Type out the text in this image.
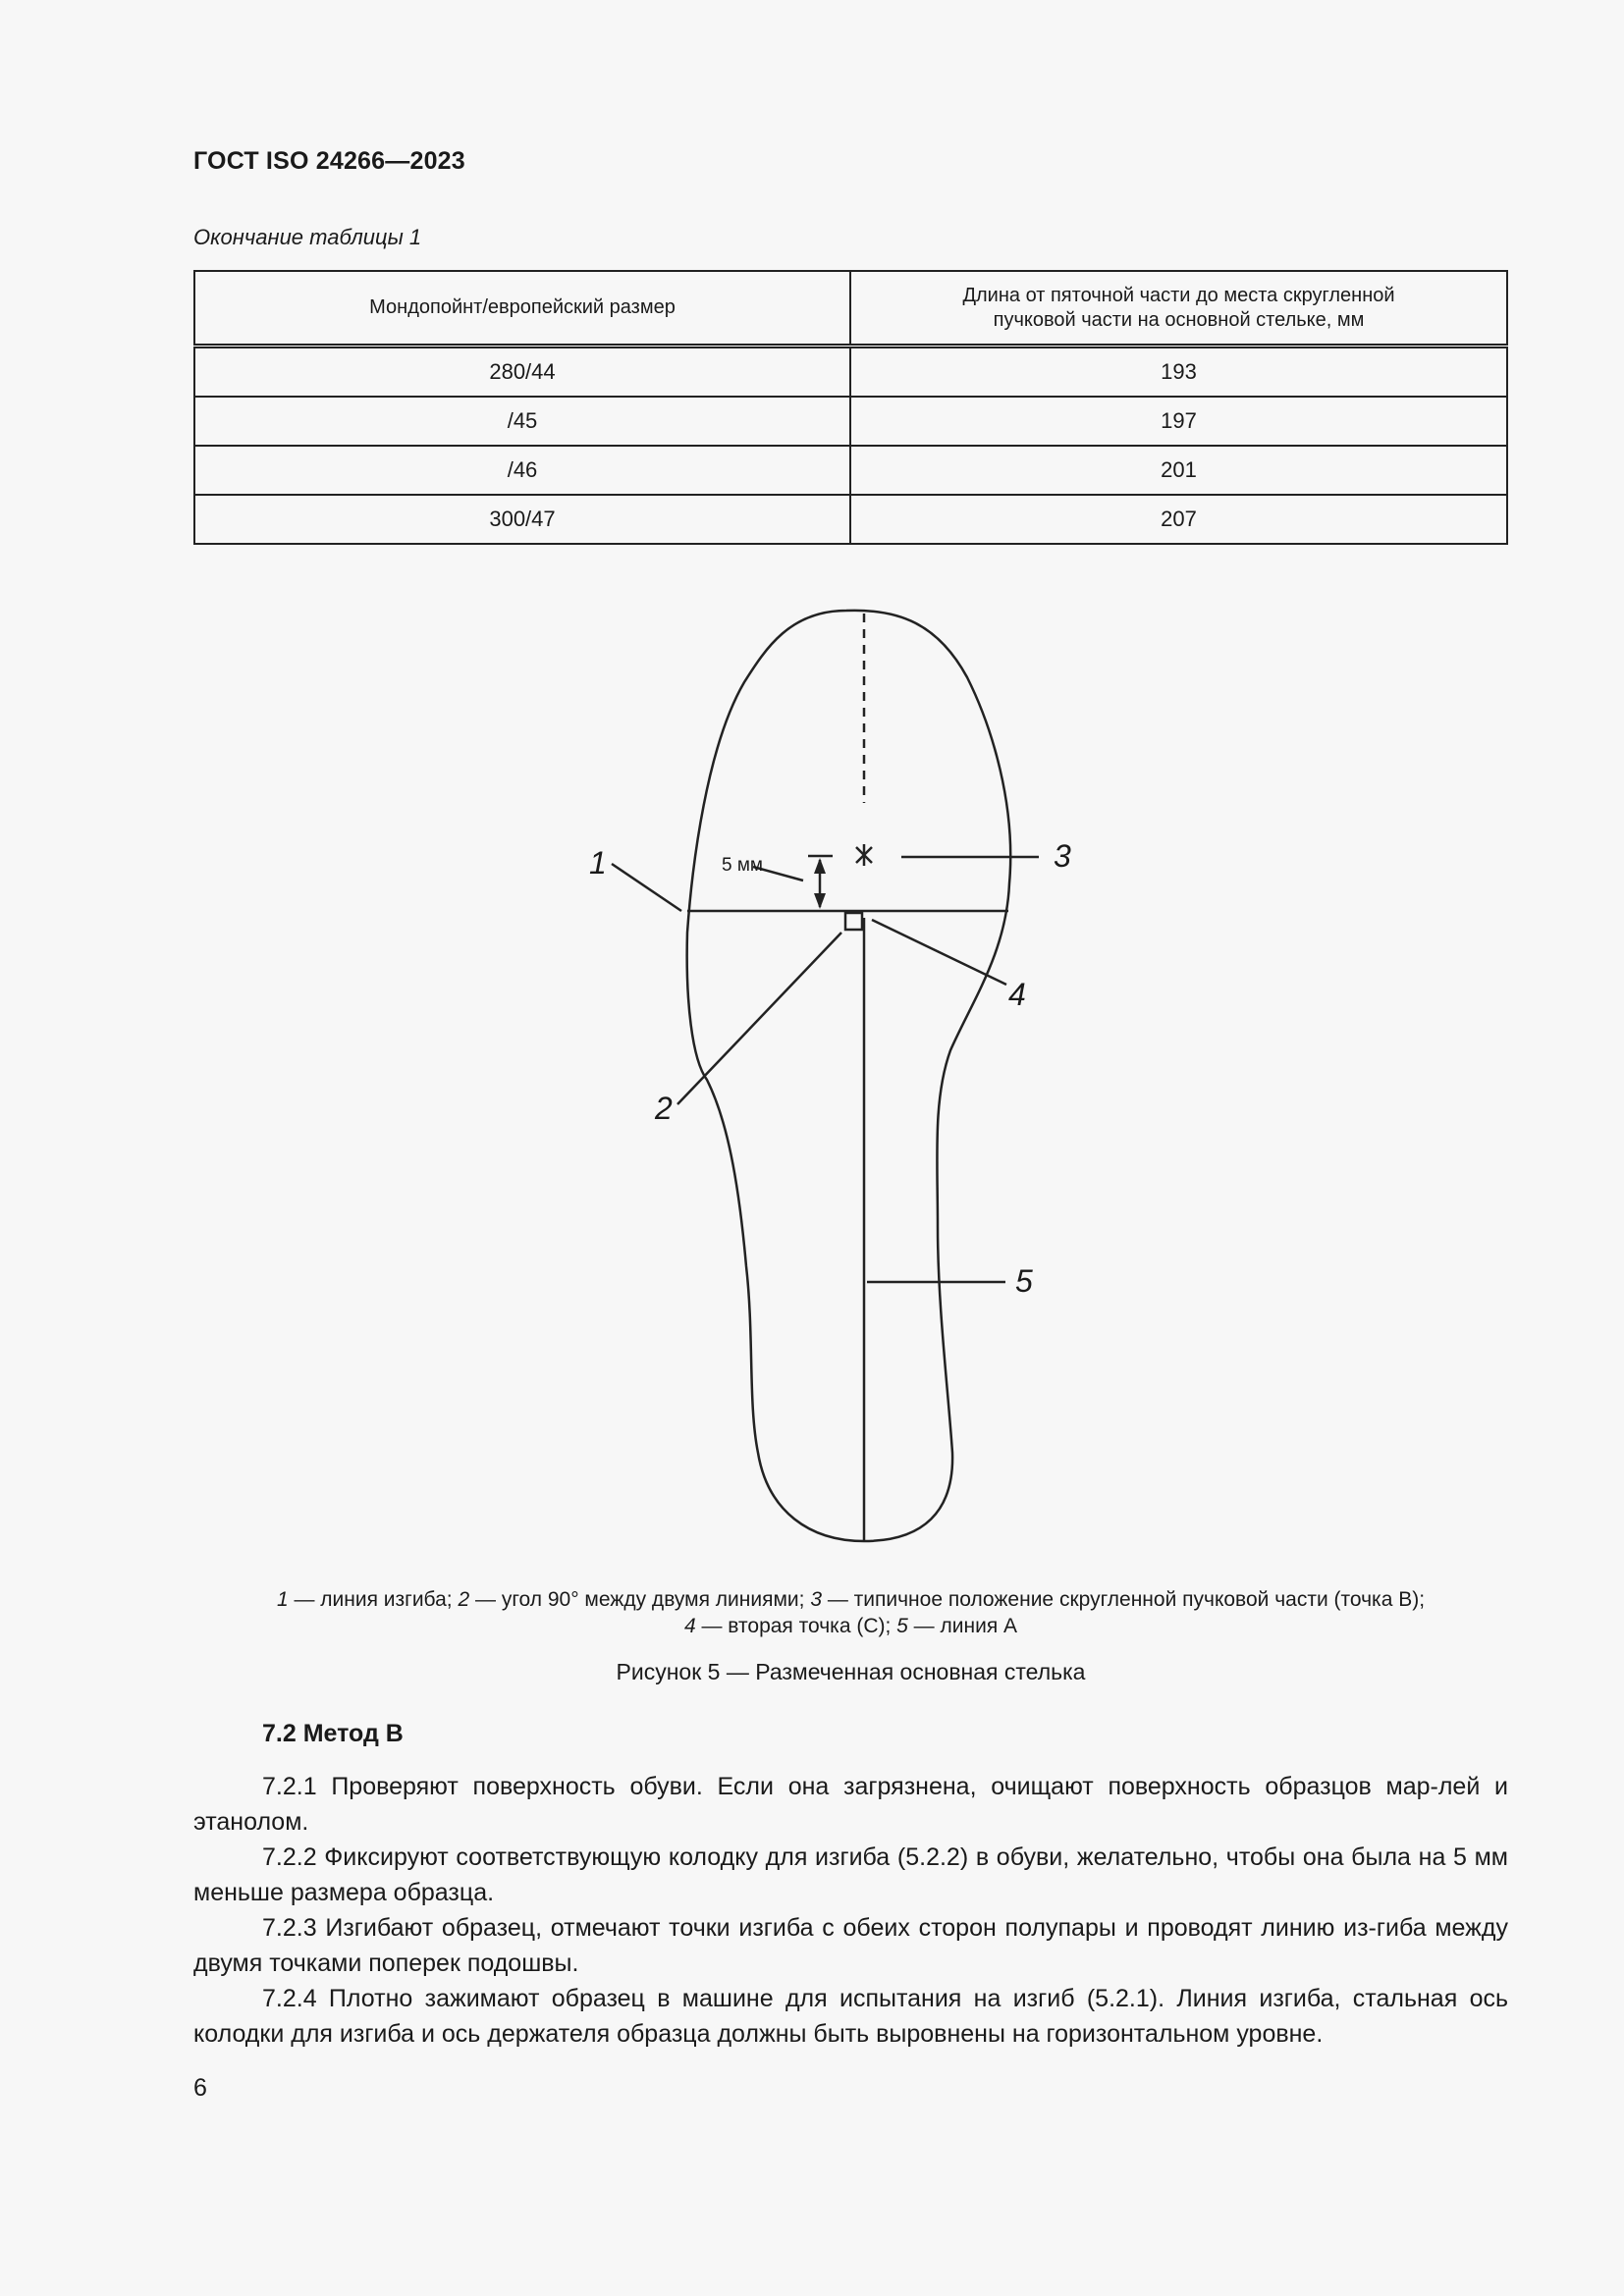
ГОСТ ISO 24266—2023
Окончание таблицы 1
Мондопойнт/европейский размер	Длина от пяточной части до места скругленной пучковой части на основной стельке, мм
280/44	193
/45	197
/46	201
300/47	207
5 мм
1
2
3
4
5
1 — линия изгиба; 2 — угол 90° между двумя линиями; 3 — типичное положение скругленной пучковой части (точка В);
4 — вторая точка (С); 5 — линия А
Рисунок 5 — Размеченная основная стелька
7.2 Метод В
7.2.1 Проверяют поверхность обуви. Если она загрязнена, очищают поверхность образцов мар-лей и этанолом.
7.2.2 Фиксируют соответствующую колодку для изгиба (5.2.2) в обуви, желательно, чтобы она была на 5 мм меньше размера образца.
7.2.3 Изгибают образец, отмечают точки изгиба с обеих сторон полупары и проводят линию из-гиба между двумя точками поперек подошвы.
7.2.4 Плотно зажимают образец в машине для испытания на изгиб (5.2.1). Линия изгиба, стальная ось колодки для изгиба и ось держателя образца должны быть выровнены на горизонтальном уровне.
6
